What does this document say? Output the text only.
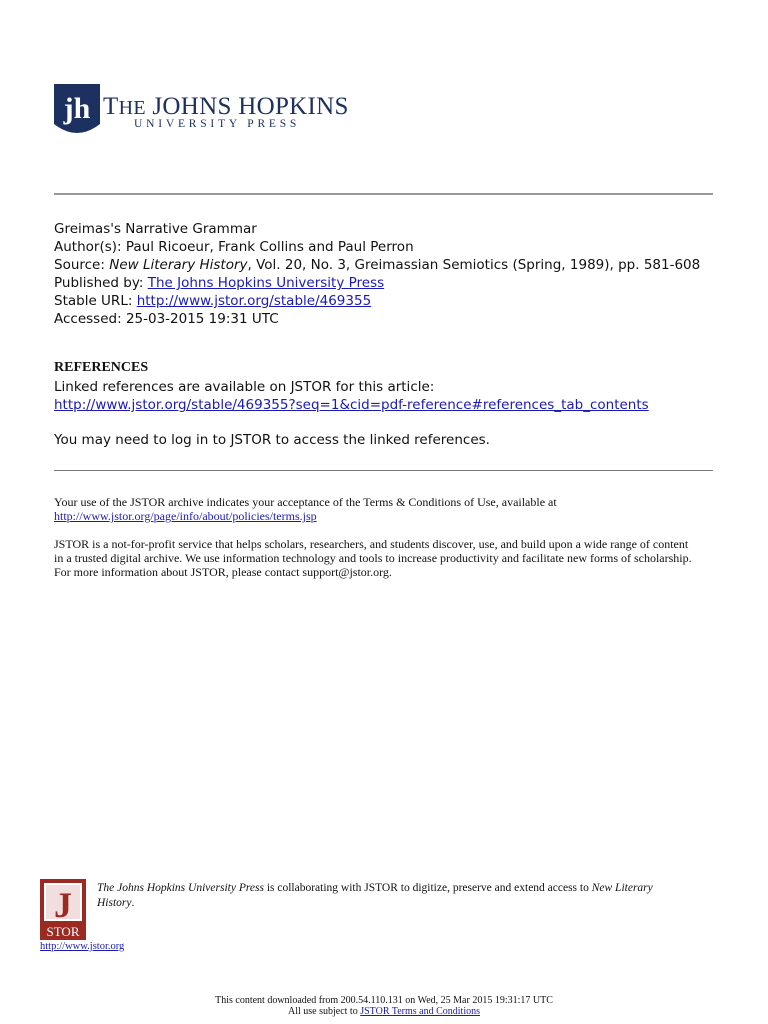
jh THE JOHNS HOPKINS
UNIVERSITY PRESS
Greimas's Narrative Grammar
Author(s): Paul Ricoeur, Frank Collins and Paul Perron
Source: New Literary History, Vol. 20, No. 3, Greimassian Semiotics (Spring, 1989), pp. 581-608
Published by: The Johns Hopkins University Press
Stable URL: http://www.jstor.org/stable/469355
Accessed: 25-03-2015 19:31 UTC
REFERENCES
Linked references are available on JSTOR for this article:
http://www.jstor.org/stable/469355?seq=1&cid=pdf-reference#references_tab_contents
You may need to log in to JSTOR to access the linked references.
Your use of the JSTOR archive indicates your acceptance of the Terms & Conditions of Use, available at
http://www.jstor.org/page/info/about/policies/terms.jsp
JSTOR is a not-for-profit service that helps scholars, researchers, and students discover, use, and build upon a wide range of content
in a trusted digital archive. We use information technology and tools to increase productivity and facilitate new forms of scholarship.
For more information about JSTOR, please contact support@jstor.org.
J
STOR
The Johns Hopkins University Press is collaborating with JSTOR to digitize, preserve and extend access to New Literary
History.
http://www.jstor.org
This content downloaded from 200.54.110.131 on Wed, 25 Mar 2015 19:31:17 UTC
All use subject to JSTOR Terms and Conditions
